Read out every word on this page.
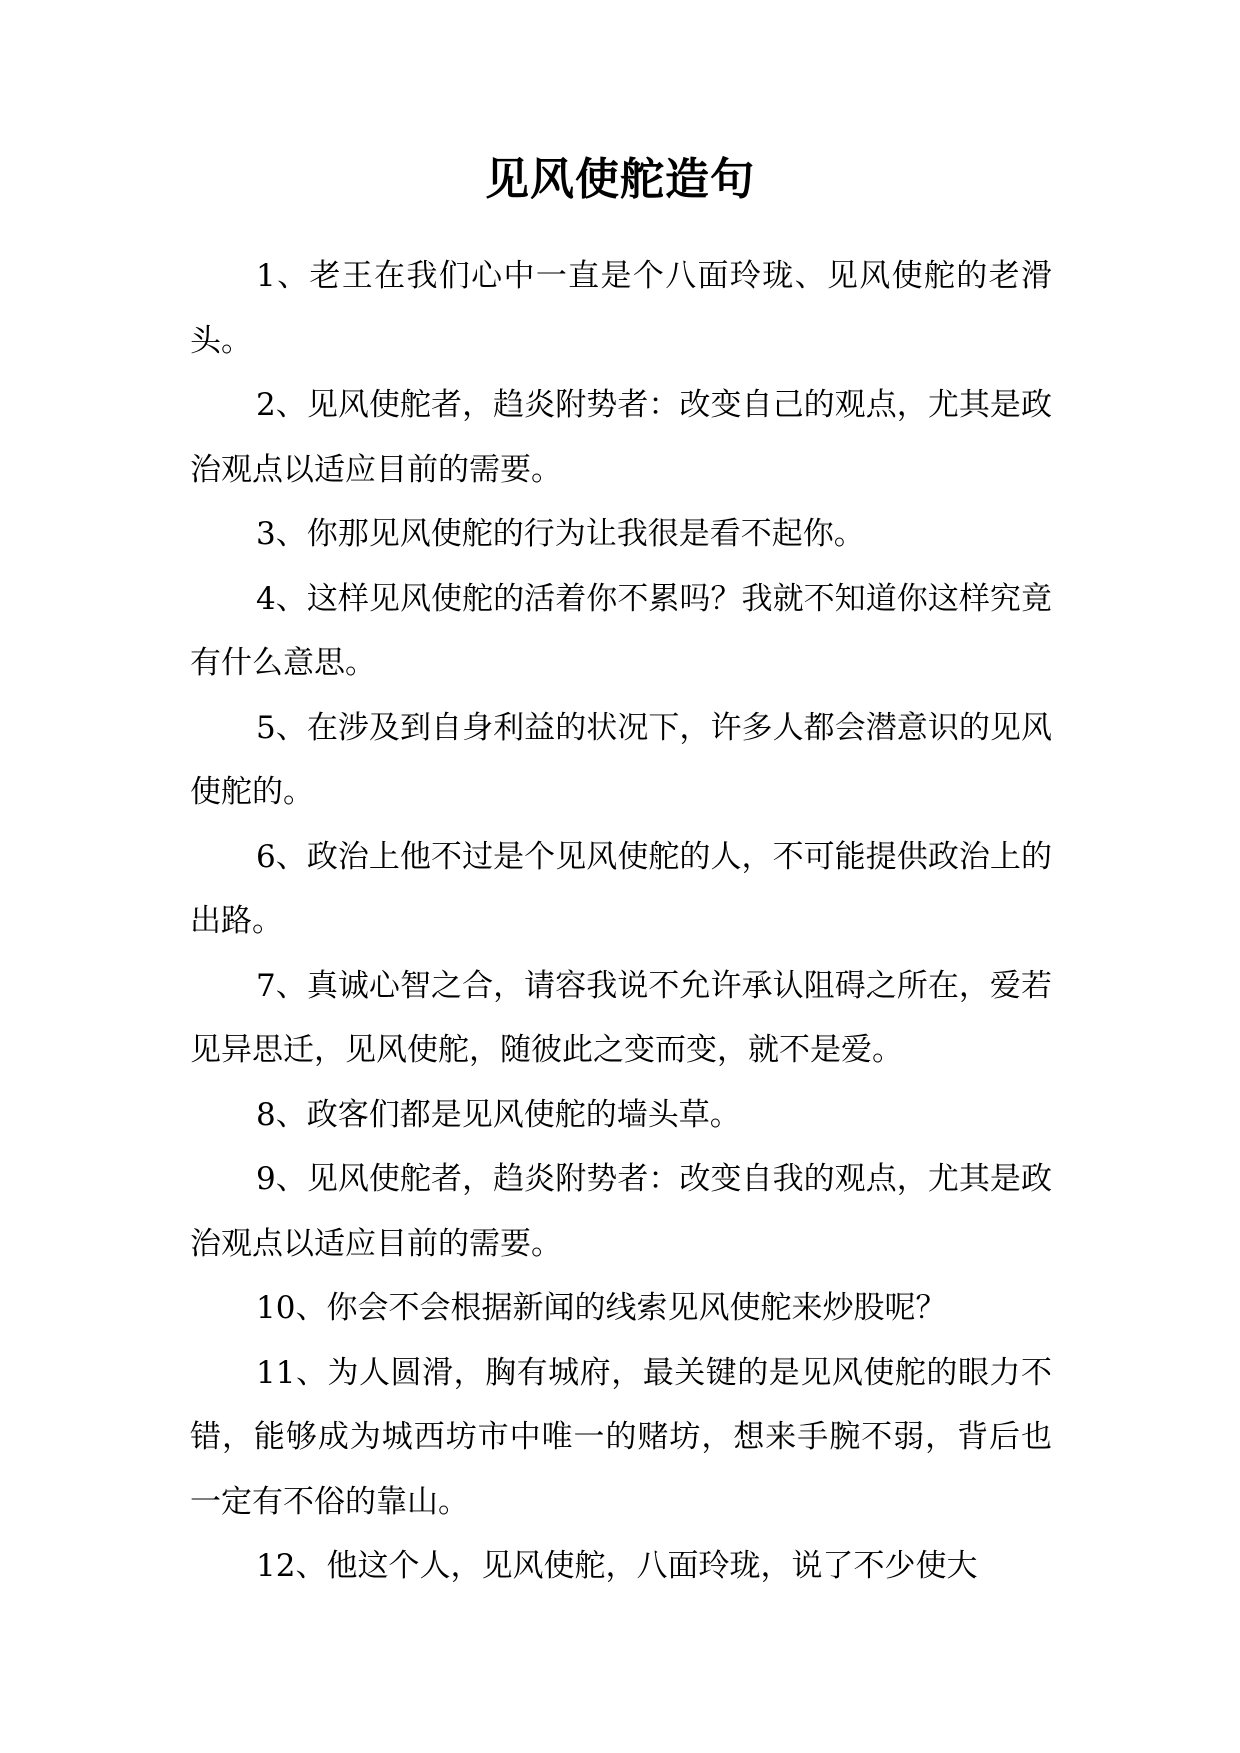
见风使舵造句

1、老王在我们心中一直是个八面玲珑、见风使舵的老滑头。

2、见风使舵者，趋炎附势者：改变自己的观点，尤其是政治观点以适应目前的需要。

3、你那见风使舵的行为让我很是看不起你。

4、这样见风使舵的活着你不累吗？我就不知道你这样究竟有什么意思。

5、在涉及到自身利益的状况下，许多人都会潜意识的见风使舵的。

6、政治上他不过是个见风使舵的人，不可能提供政治上的出路。

7、真诚心智之合，请容我说不允许承认阻碍之所在，爱若见异思迁，见风使舵，随彼此之变而变，就不是爱。

8、政客们都是见风使舵的墙头草。

9、见风使舵者，趋炎附势者：改变自我的观点，尤其是政治观点以适应目前的需要。

10、你会不会根据新闻的线索见风使舵来炒股呢？

11、为人圆滑，胸有城府，最关键的是见风使舵的眼力不错，能够成为城西坊市中唯一的赌坊，想来手腕不弱，背后也一定有不俗的靠山。

12、他这个人，见风使舵，八面玲珑，说了不少使大
